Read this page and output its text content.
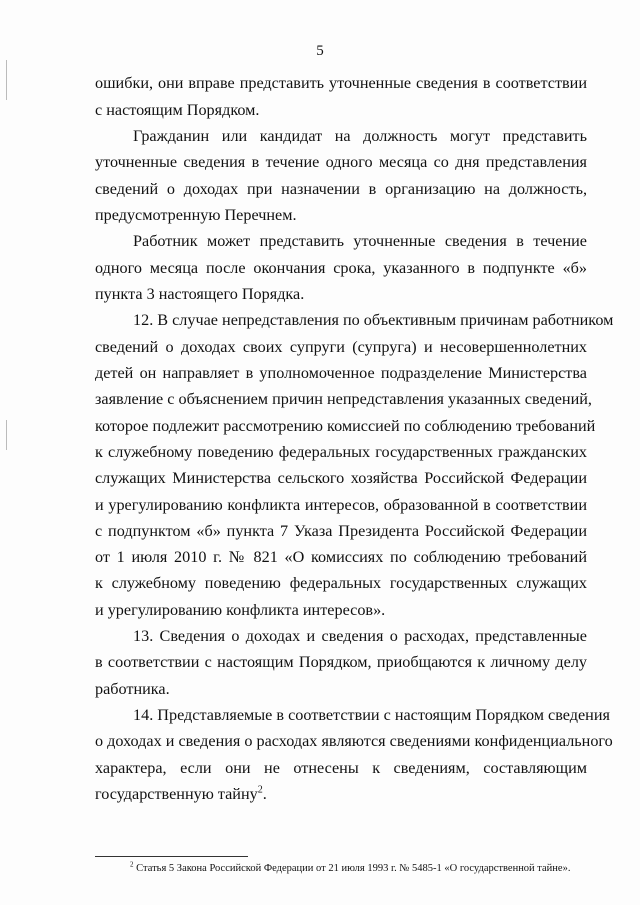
5
ошибки, они вправе представить уточненные сведения в соответствии
с настоящим Порядком.
Гражданин или кандидат на должность могут представить
уточненные сведения в течение одного месяца со дня представления
сведений о доходах при назначении в организацию на должность,
предусмотренную Перечнем.
Работник может представить уточненные сведения в течение
одного месяца после окончания срока, указанного в подпункте «б»
пункта 3 настоящего Порядка.
12. В случае непредставления по объективным причинам работником
сведений о доходах своих супруги (супруга) и несовершеннолетних
детей он направляет в уполномоченное подразделение Министерства
заявление с объяснением причин непредставления указанных сведений,
которое подлежит рассмотрению комиссией по соблюдению требований
к служебному поведению федеральных государственных гражданских
служащих Министерства сельского хозяйства Российской Федерации
и урегулированию конфликта интересов, образованной в соответствии
с подпунктом «б» пункта 7 Указа Президента Российской Федерации
от 1 июля 2010 г. № 821 «О комиссиях по соблюдению требований
к служебному поведению федеральных государственных служащих
и урегулированию конфликта интересов».
13. Сведения о доходах и сведения о расходах, представленные
в соответствии с настоящим Порядком, приобщаются к личному делу
работника.
14. Представляемые в соответствии с настоящим Порядком сведения
о доходах и сведения о расходах являются сведениями конфиденциального
характера, если они не отнесены к сведениям, составляющим
государственную тайну$^2$.
$^2$ Статья 5 Закона Российской Федерации от 21 июля 1993 г. № 5485-1 «О государственной тайне».
